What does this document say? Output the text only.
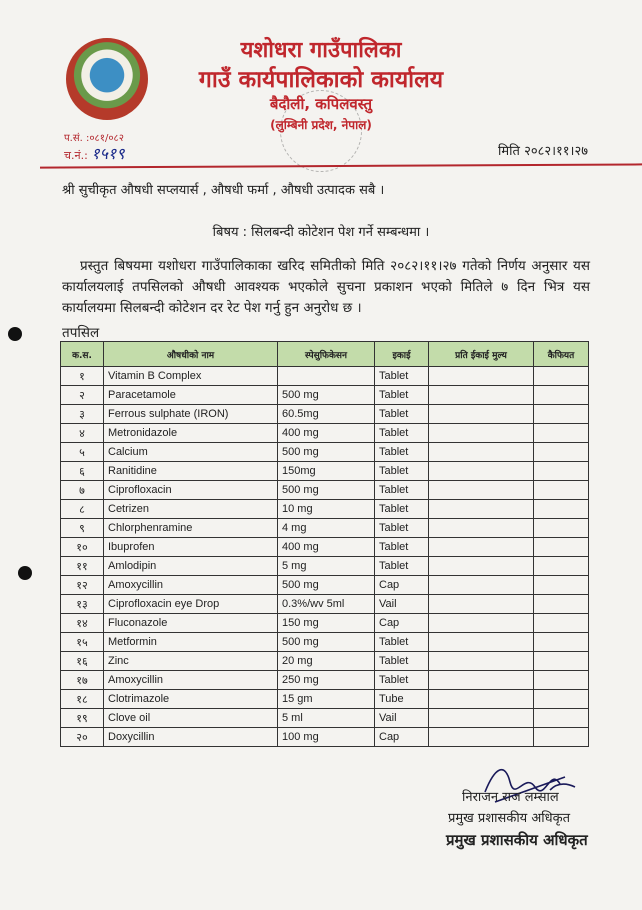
यशोधरा गाउँपालिका
गाउँ कार्यपालिकाको कार्यालय
बैदौली, कपिलवस्तु
(लुम्बिनी प्रदेश, नेपाल)
प.सं. :०८१/०८२
च.नं.: १५१९	मिति २०८२।११।२७
श्री सुचीकृत औषधी सप्लयार्स , औषधी फर्मा , औषधी उत्पादक सबै ।
बिषय : सिलबन्दी कोटेशन पेश गर्ने सम्बन्धमा ।
प्रस्तुत बिषयमा यशोधरा गाउँपालिकाका खरिद समितीको मिति २०८२।११।२७ गतेको निर्णय अनुसार यस कार्यालयलाई तपसिलको औषधी आवश्यक भएकोले सुचना प्रकाशन भएको मितिले ७ दिन भित्र यस कार्यालयमा सिलबन्दी कोटेशन दर रेट पेश गर्नु हुन अनुरोध छ ।
तपसिल
क.स.	औषधीको नाम	स्पेसुफिकेसन	इकाई	प्रति ईकाई मुल्य	कैफियत
१	Vitamin B Complex		Tablet		
२	Paracetamole	500 mg	Tablet		
३	Ferrous sulphate (IRON)	60.5mg	Tablet		
४	Metronidazole	400 mg	Tablet		
५	Calcium	500 mg	Tablet		
६	Ranitidine	150mg	Tablet		
७	Ciprofloxacin	500 mg	Tablet		
८	Cetrizen	10 mg	Tablet		
९	Chlorphenramine	4 mg	Tablet		
१०	Ibuprofen	400 mg	Tablet		
११	Amlodipin	5 mg	Tablet		
१२	Amoxycillin	500 mg	Cap		
१३	Ciprofloxacin eye Drop	0.3%/wv 5ml	Vail		
१४	Fluconazole	150 mg	Cap		
१५	Metformin	500 mg	Tablet		
१६	Zinc	20 mg	Tablet		
१७	Amoxycillin	250 mg	Tablet		
१८	Clotrimazole	15 gm	Tube		
१९	Clove oil	5 ml	Vail		
२०	Doxycillin	100 mg	Cap		
निराजन राज लम्साल
प्रमुख प्रशासकीय अधिकृत
प्रमुख प्रशासकीय अधिकृत
